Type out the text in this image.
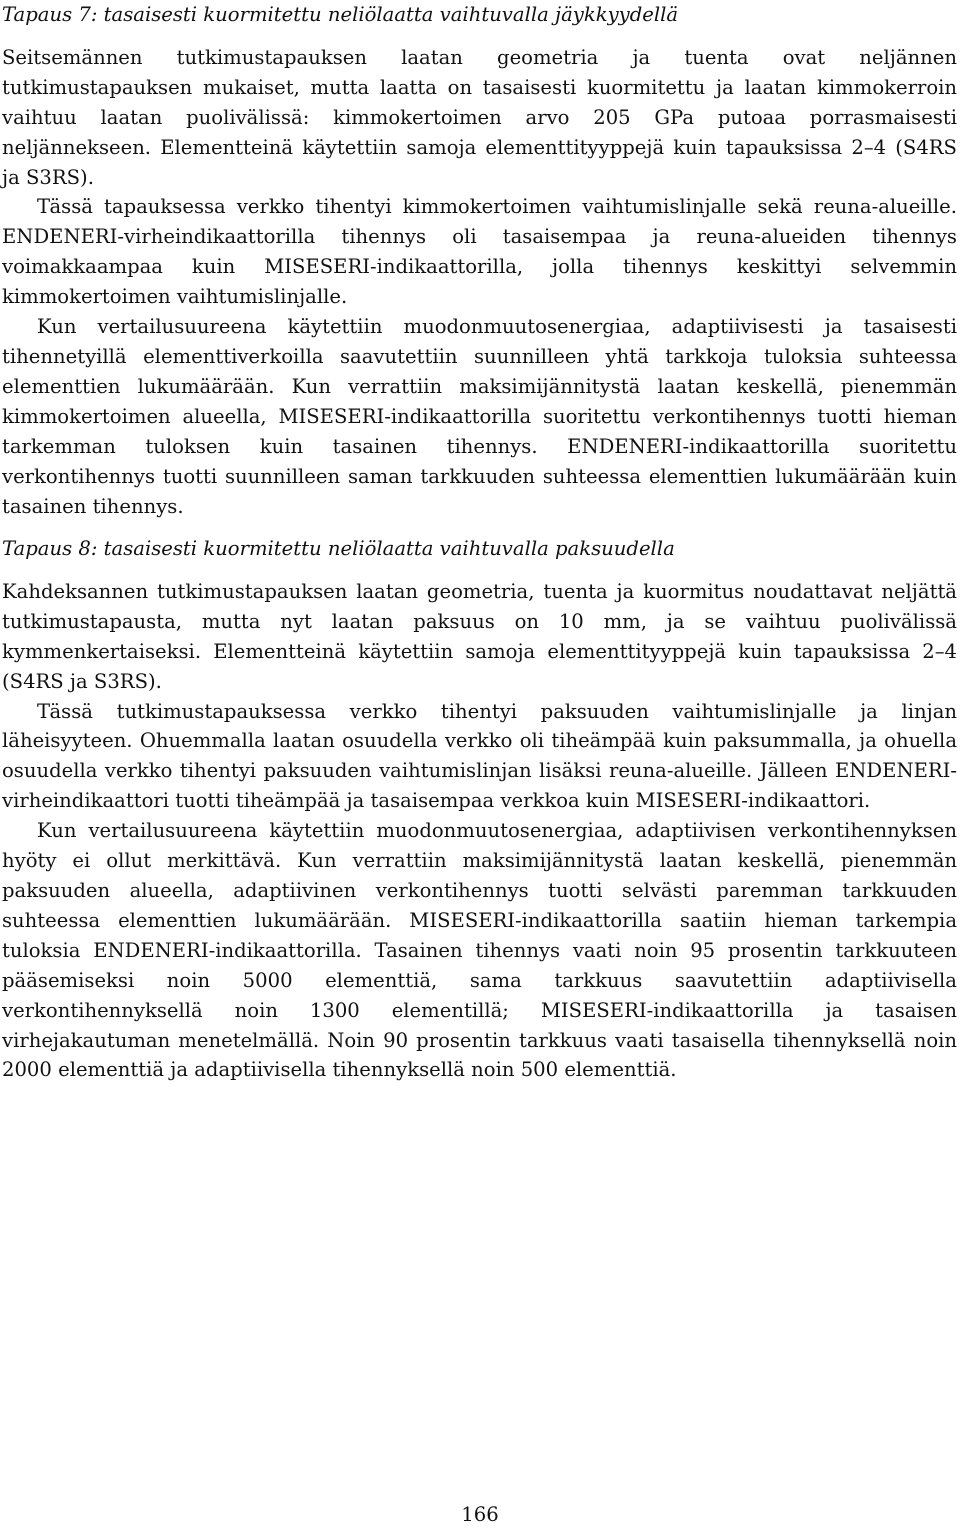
Tapaus 7: tasaisesti kuormitettu neliölaatta vaihtuvalla jäykkyydellä

Seitsemännen tutkimustapauksen laatan geometria ja tuenta ovat neljännen tutkimustapauksen mukaiset, mutta laatta on tasaisesti kuormitettu ja laatan kimmokerroin vaihtuu laatan puolivälissä: kimmokertoimen arvo 205 GPa putoaa porrasmaisesti neljännekseen. Elementteinä käytettiin samoja elementtityyppejä kuin tapauksissa 2–4 (S4RS ja S3RS).

Tässä tapauksessa verkko tihentyi kimmokertoimen vaihtumislinjalle sekä reuna-alueille. ENDENERI-virheindikaattorilla tihennys oli tasaisempaa ja reuna-alueiden tihennys voimakkaampaa kuin MISESERI-indikaattorilla, jolla tihennys keskittyi selvemmin kimmokertoimen vaihtumislinjalle.

Kun vertailusuureena käytettiin muodonmuutosenergiaa, adaptiivisesti ja tasaisesti tihennetyillä elementtiverkoilla saavutettiin suunnilleen yhtä tarkkoja tuloksia suhteessa elementtien lukumäärään. Kun verrattiin maksimijännitystä laatan keskellä, pienemmän kimmokertoimen alueella, MISESERI-indikaattorilla suoritettu verkontihennys tuotti hieman tarkemman tuloksen kuin tasainen tihennys. ENDENERI-indikaattorilla suoritettu verkontihennys tuotti suunnilleen saman tarkkuuden suhteessa elementtien lukumäärään kuin tasainen tihennys.

Tapaus 8: tasaisesti kuormitettu neliölaatta vaihtuvalla paksuudella

Kahdeksannen tutkimustapauksen laatan geometria, tuenta ja kuormitus noudattavat neljättä tutkimustapausta, mutta nyt laatan paksuus on 10 mm, ja se vaihtuu puolivälissä kymmenkertaiseksi. Elementteinä käytettiin samoja elementtityyppejä kuin tapauksissa 2–4 (S4RS ja S3RS).

Tässä tutkimustapauksessa verkko tihentyi paksuuden vaihtumislinjalle ja linjan läheisyyteen. Ohuemmalla laatan osuudella verkko oli tiheämpää kuin paksummalla, ja ohuella osuudella verkko tihentyi paksuuden vaihtumislinjan lisäksi reuna-alueille. Jälleen ENDENERI-virheindikaattori tuotti tiheämpää ja tasaisempaa verkkoa kuin MISESERI-indikaattori.

Kun vertailusuureena käytettiin muodonmuutosenergiaa, adaptiivisen verkontihennyksen hyöty ei ollut merkittävä. Kun verrattiin maksimijännitystä laatan keskellä, pienemmän paksuuden alueella, adaptiivinen verkontihennys tuotti selvästi paremman tarkkuuden suhteessa elementtien lukumäärään. MISESERI-indikaattorilla saatiin hieman tarkempia tuloksia ENDENERI-indikaattorilla. Tasainen tihennys vaati noin 95 prosentin tarkkuuteen pääsemiseksi noin 5000 elementtiä, sama tarkkuus saavutettiin adaptiivisella verkontihennyksellä noin 1300 elementillä; MISESERI-indikaattorilla ja tasaisen virhejakautuman menetelmällä. Noin 90 prosentin tarkkuus vaati tasaisella tihennyksellä noin 2000 elementtiä ja adaptiivisella tihennyksellä noin 500 elementtiä.

166
